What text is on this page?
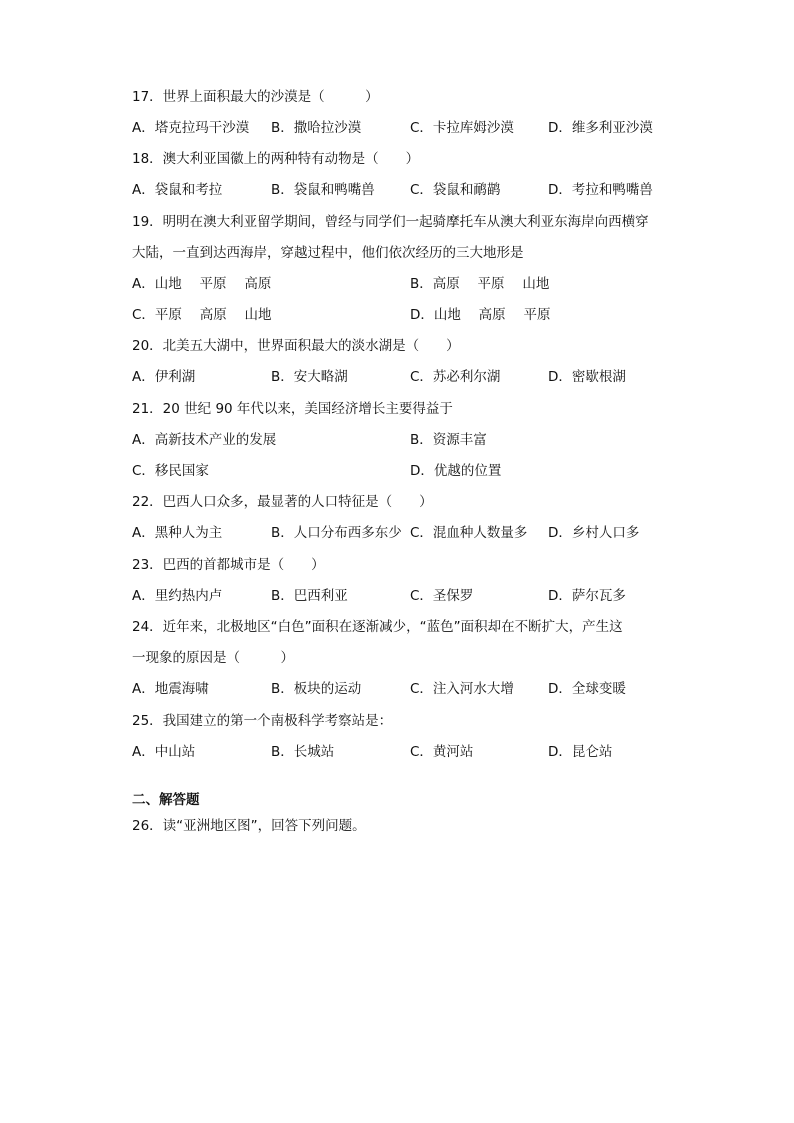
17．世界上面积最大的沙漠是（　　　）
A．塔克拉玛干沙漠 B．撒哈拉沙漠	C．卡拉库姆沙漠	D．维多利亚沙漠
18．澳大利亚国徽上的两种特有动物是（　　）
A．袋鼠和考拉	B．袋鼠和鸭嘴兽	C．袋鼠和鸸鹋	D．考拉和鸭嘴兽
19．明明在澳大利亚留学期间，曾经与同学们一起骑摩托车从澳大利亚东海岸向西横穿
大陆，一直到达西海岸，穿越过程中，他们依次经历的三大地形是
A．山地　 平原　 高原	B．高原　 平原　 山地
C．平原　 高原　 山地	D．山地　 高原　 平原
20．北美五大湖中，世界面积最大的淡水湖是（　　）
A．伊利湖	B．安大略湖	C．苏必利尔湖	D．密歇根湖
21．20 世纪 90 年代以来，美国经济增长主要得益于
A．高新技术产业的发展	B．资源丰富
C．移民国家	D．优越的位置
22．巴西人口众多，最显著的人口特征是（　　）
A．黑种人为主	B．人口分布西多东少 C．混血种人数量多 D．乡村人口多
23．巴西的首都城市是（　　）
A．里约热内卢	B．巴西利亚	C．圣保罗	D．萨尔瓦多
24．近年来，北极地区“白色”面积在逐渐减少，“蓝色”面积却在不断扩大，产生这
一现象的原因是（　　　）
A．地震海啸	B．板块的运动	C．注入河水大增	D．全球变暖
25．我国建立的第一个南极科学考察站是：
A．中山站	B．长城站	C．黄河站	D．昆仑站
二、解答题
26．读“亚洲地区图”，回答下列问题。
